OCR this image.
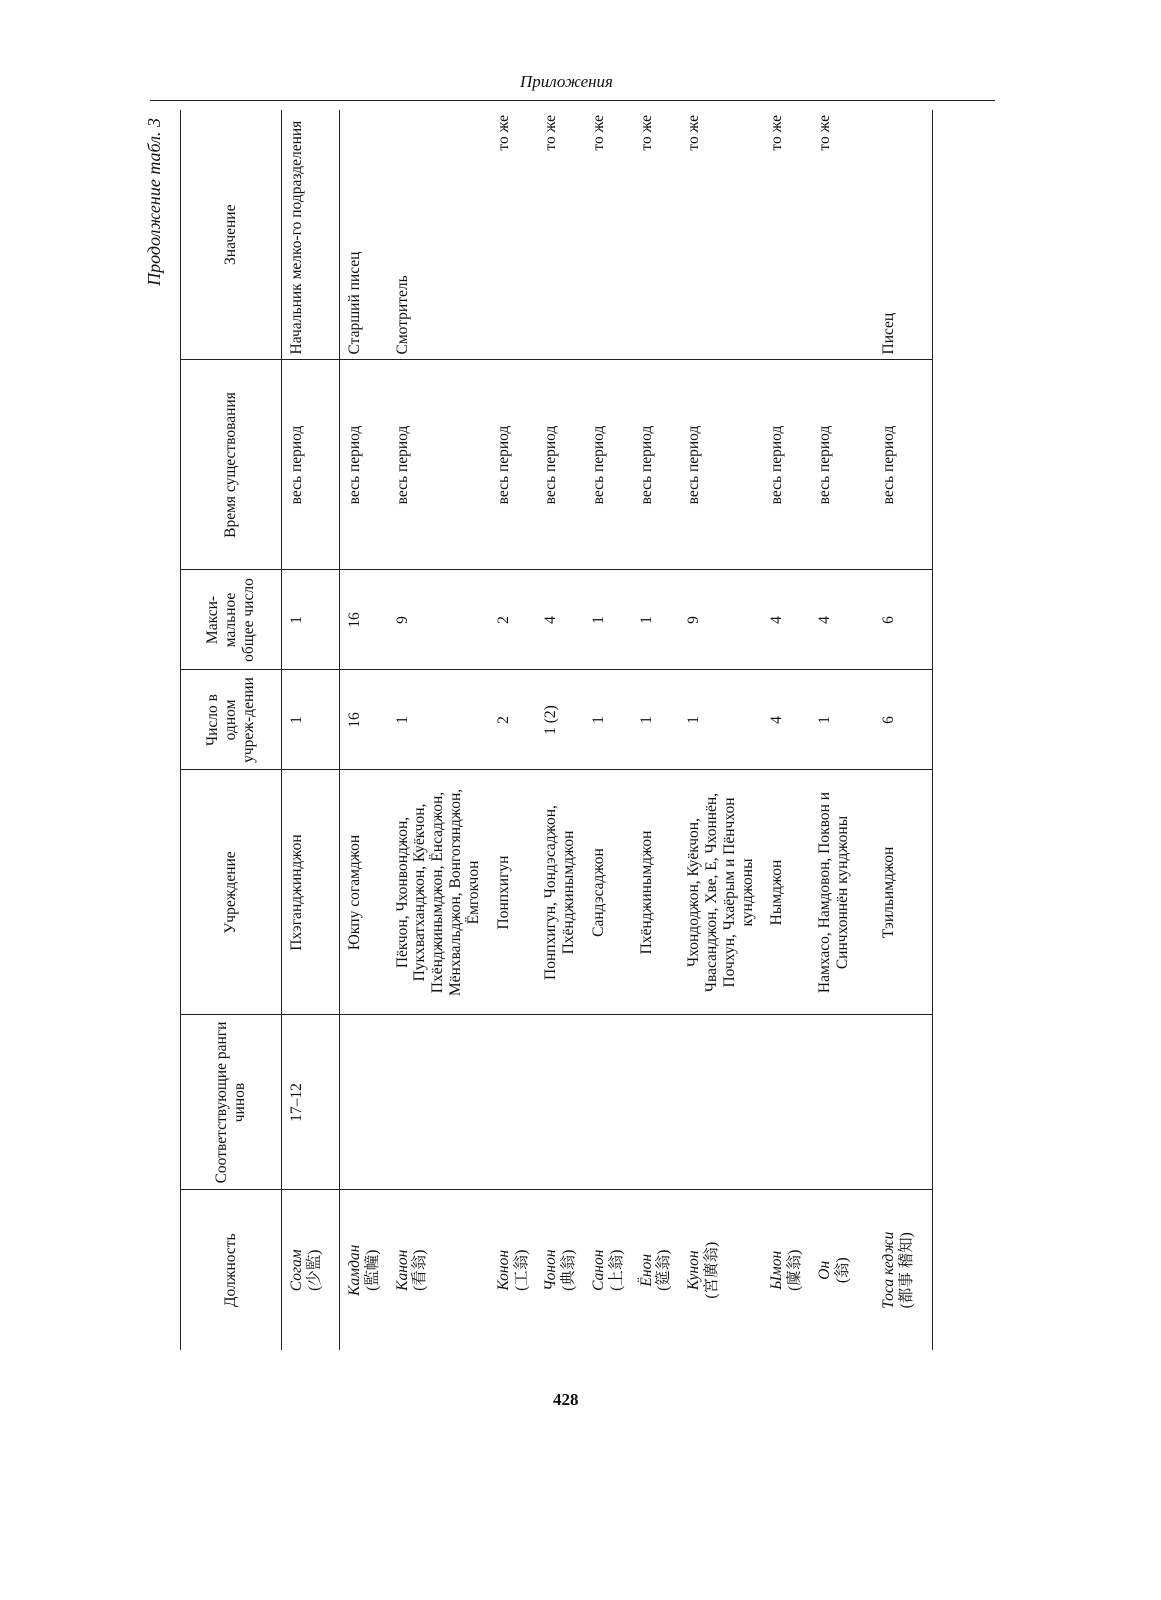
Приложения
Продолжение табл. 3
Должность	Соответствующие ранги чинов	Учреждение	Число в одном учреж-дении	Макси-мальное общее число	Время существования	Значение
Согам (少監)	17–12	Пхэганджинджон	1	1	весь период	Начальник мелко-го подразделения
Камдан (監幢)		Юкпу согамджон	16	16	весь период	Старший писец
Канон (看翁)		Пёкчон, Чхонвонджон, Пукхватханджон, Куёкчон, Пхёнджинымджон, Ёнсаджон, Мёнхвальджон, Вонгогянджон, Ёмгокчон	1	9	весь период	Смотритель
Конон (工翁)		Понпхигун	2	2	весь период	то же
Чонон (典翁)		Понпхигун, Чондэсаджон, Пхёнджинымджон	1 (2)	4	весь период	то же
Санон (上翁)		Сандэсаджон	1	1	весь период	то же
Ёнон (筵翁)		Пхёнджинымджон	1	1	весь период	то же
Кунон (宮廣翁)		Чхондоджон, Куёкчон, Чвасанджон, Хве, Е, Чхоннён, Почхун, Чхаёрым и Пёнчхон кунджоны	1	9	весь период	то же
Ымон (廩翁)		Нымджон	4	4	весь период	то же
Он (翁)		Намхасо, Намдовон, Поквон и Синчхоннён кунджоны	1	4	весь период	то же
Тоса кеджи (都事 稽知)		Тэильимджон	6	6	весь период	Писец
428
